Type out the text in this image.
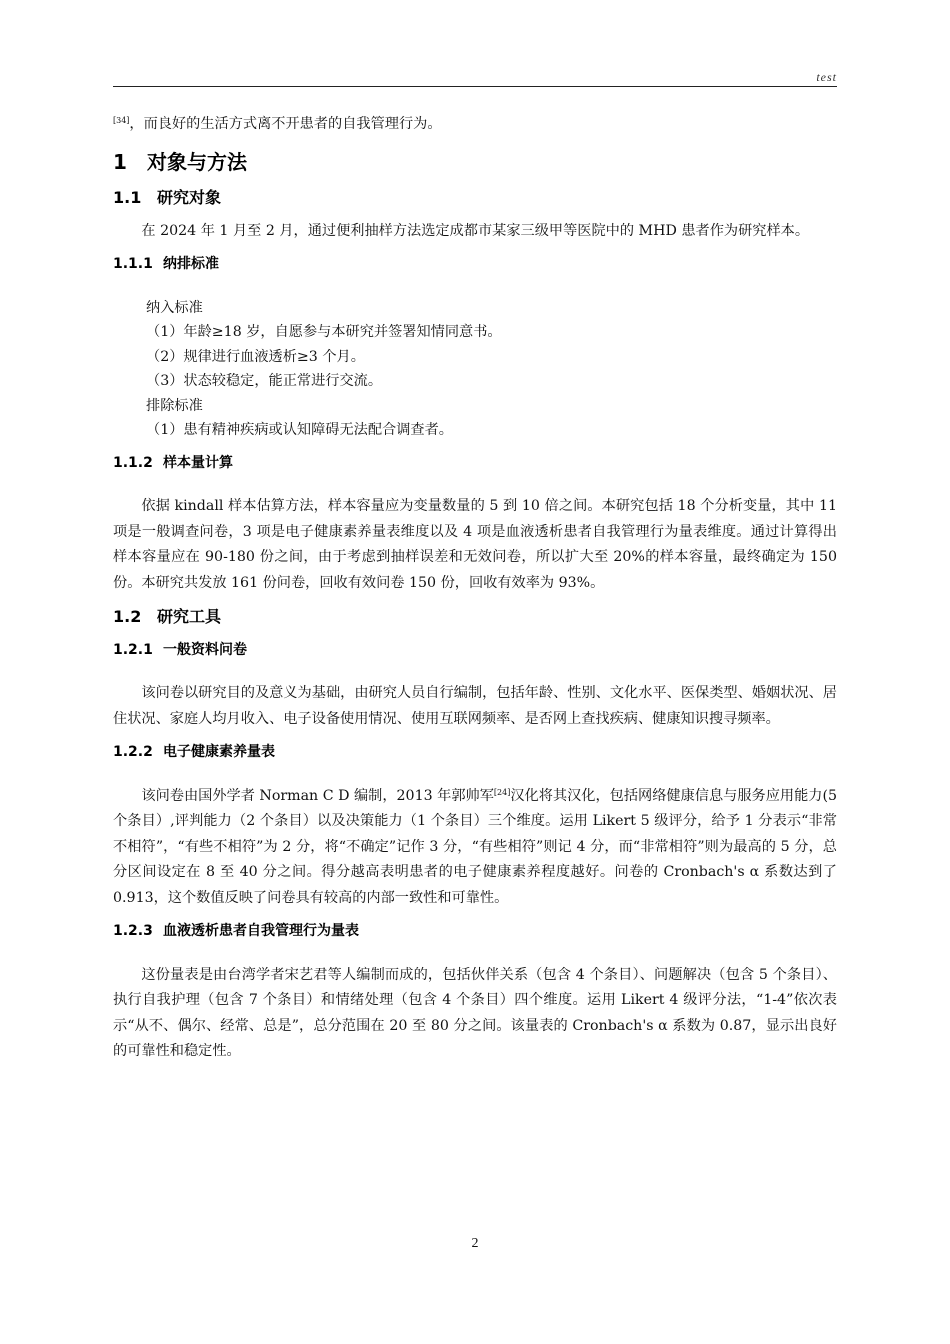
test

[34]，而良好的生活方式离不开患者的自我管理行为。

1 对象与方法
1.1 研究对象

在 2024 年 1 月至 2 月，通过便利抽样方法选定成都市某家三级甲等医院中的 MHD 患者作为研究样本。

1.1.1 纳排标准

纳入标准

（1）年龄≥18 岁，自愿参与本研究并签署知情同意书。

（2）规律进行血液透析≥3 个月。

（3）状态较稳定，能正常进行交流。

排除标准

（1）患有精神疾病或认知障碍无法配合调查者。

1.1.2 样本量计算

依据 kindall 样本估算方法，样本容量应为变量数量的 5 到 10 倍之间。本研究包括 18 个分析变量，其中 11 项是一般调查问卷，3 项是电子健康素养量表维度以及 4 项是血液透析患者自我管理行为量表维度。通过计算得出样本容量应在 90-180 份之间，由于考虑到抽样误差和无效问卷，所以扩大至 20%的样本容量，最终确定为 150 份。本研究共发放 161 份问卷，回收有效问卷 150 份，回收有效率为 93%。

1.2 研究工具
1.2.1 一般资料问卷

该问卷以研究目的及意义为基础，由研究人员自行编制，包括年龄、性别、文化水平、医保类型、婚姻状况、居住状况、家庭人均月收入、电子设备使用情况、使用互联网频率、是否网上查找疾病、健康知识搜寻频率。

1.2.2 电子健康素养量表

该问卷由国外学者 Norman C D 编制，2013 年郭帅军[24]汉化将其汉化，包括网络健康信息与服务应用能力(5 个条目）,评判能力（2 个条目）以及决策能力（1 个条目）三个维度。运用 Likert 5 级评分，给予 1 分表示“非常不相符”，“有些不相符”为 2 分，将“不确定”记作 3 分，“有些相符”则记 4 分，而“非常相符”则为最高的 5 分，总分区间设定在 8 至 40 分之间。得分越高表明患者的电子健康素养程度越好。问卷的 Cronbach's α 系数达到了 0.913，这个数值反映了问卷具有较高的内部一致性和可靠性。

1.2.3 血液透析患者自我管理行为量表

这份量表是由台湾学者宋艺君等人编制而成的，包括伙伴关系（包含 4 个条目）、问题解决（包含 5 个条目）、执行自我护理（包含 7 个条目）和情绪处理（包含 4 个条目）四个维度。运用 Likert 4 级评分法，“1-4”依次表示“从不、偶尔、经常、总是”，总分范围在 20 至 80 分之间。该量表的 Cronbach's α 系数为 0.87，显示出良好的可靠性和稳定性。

2
